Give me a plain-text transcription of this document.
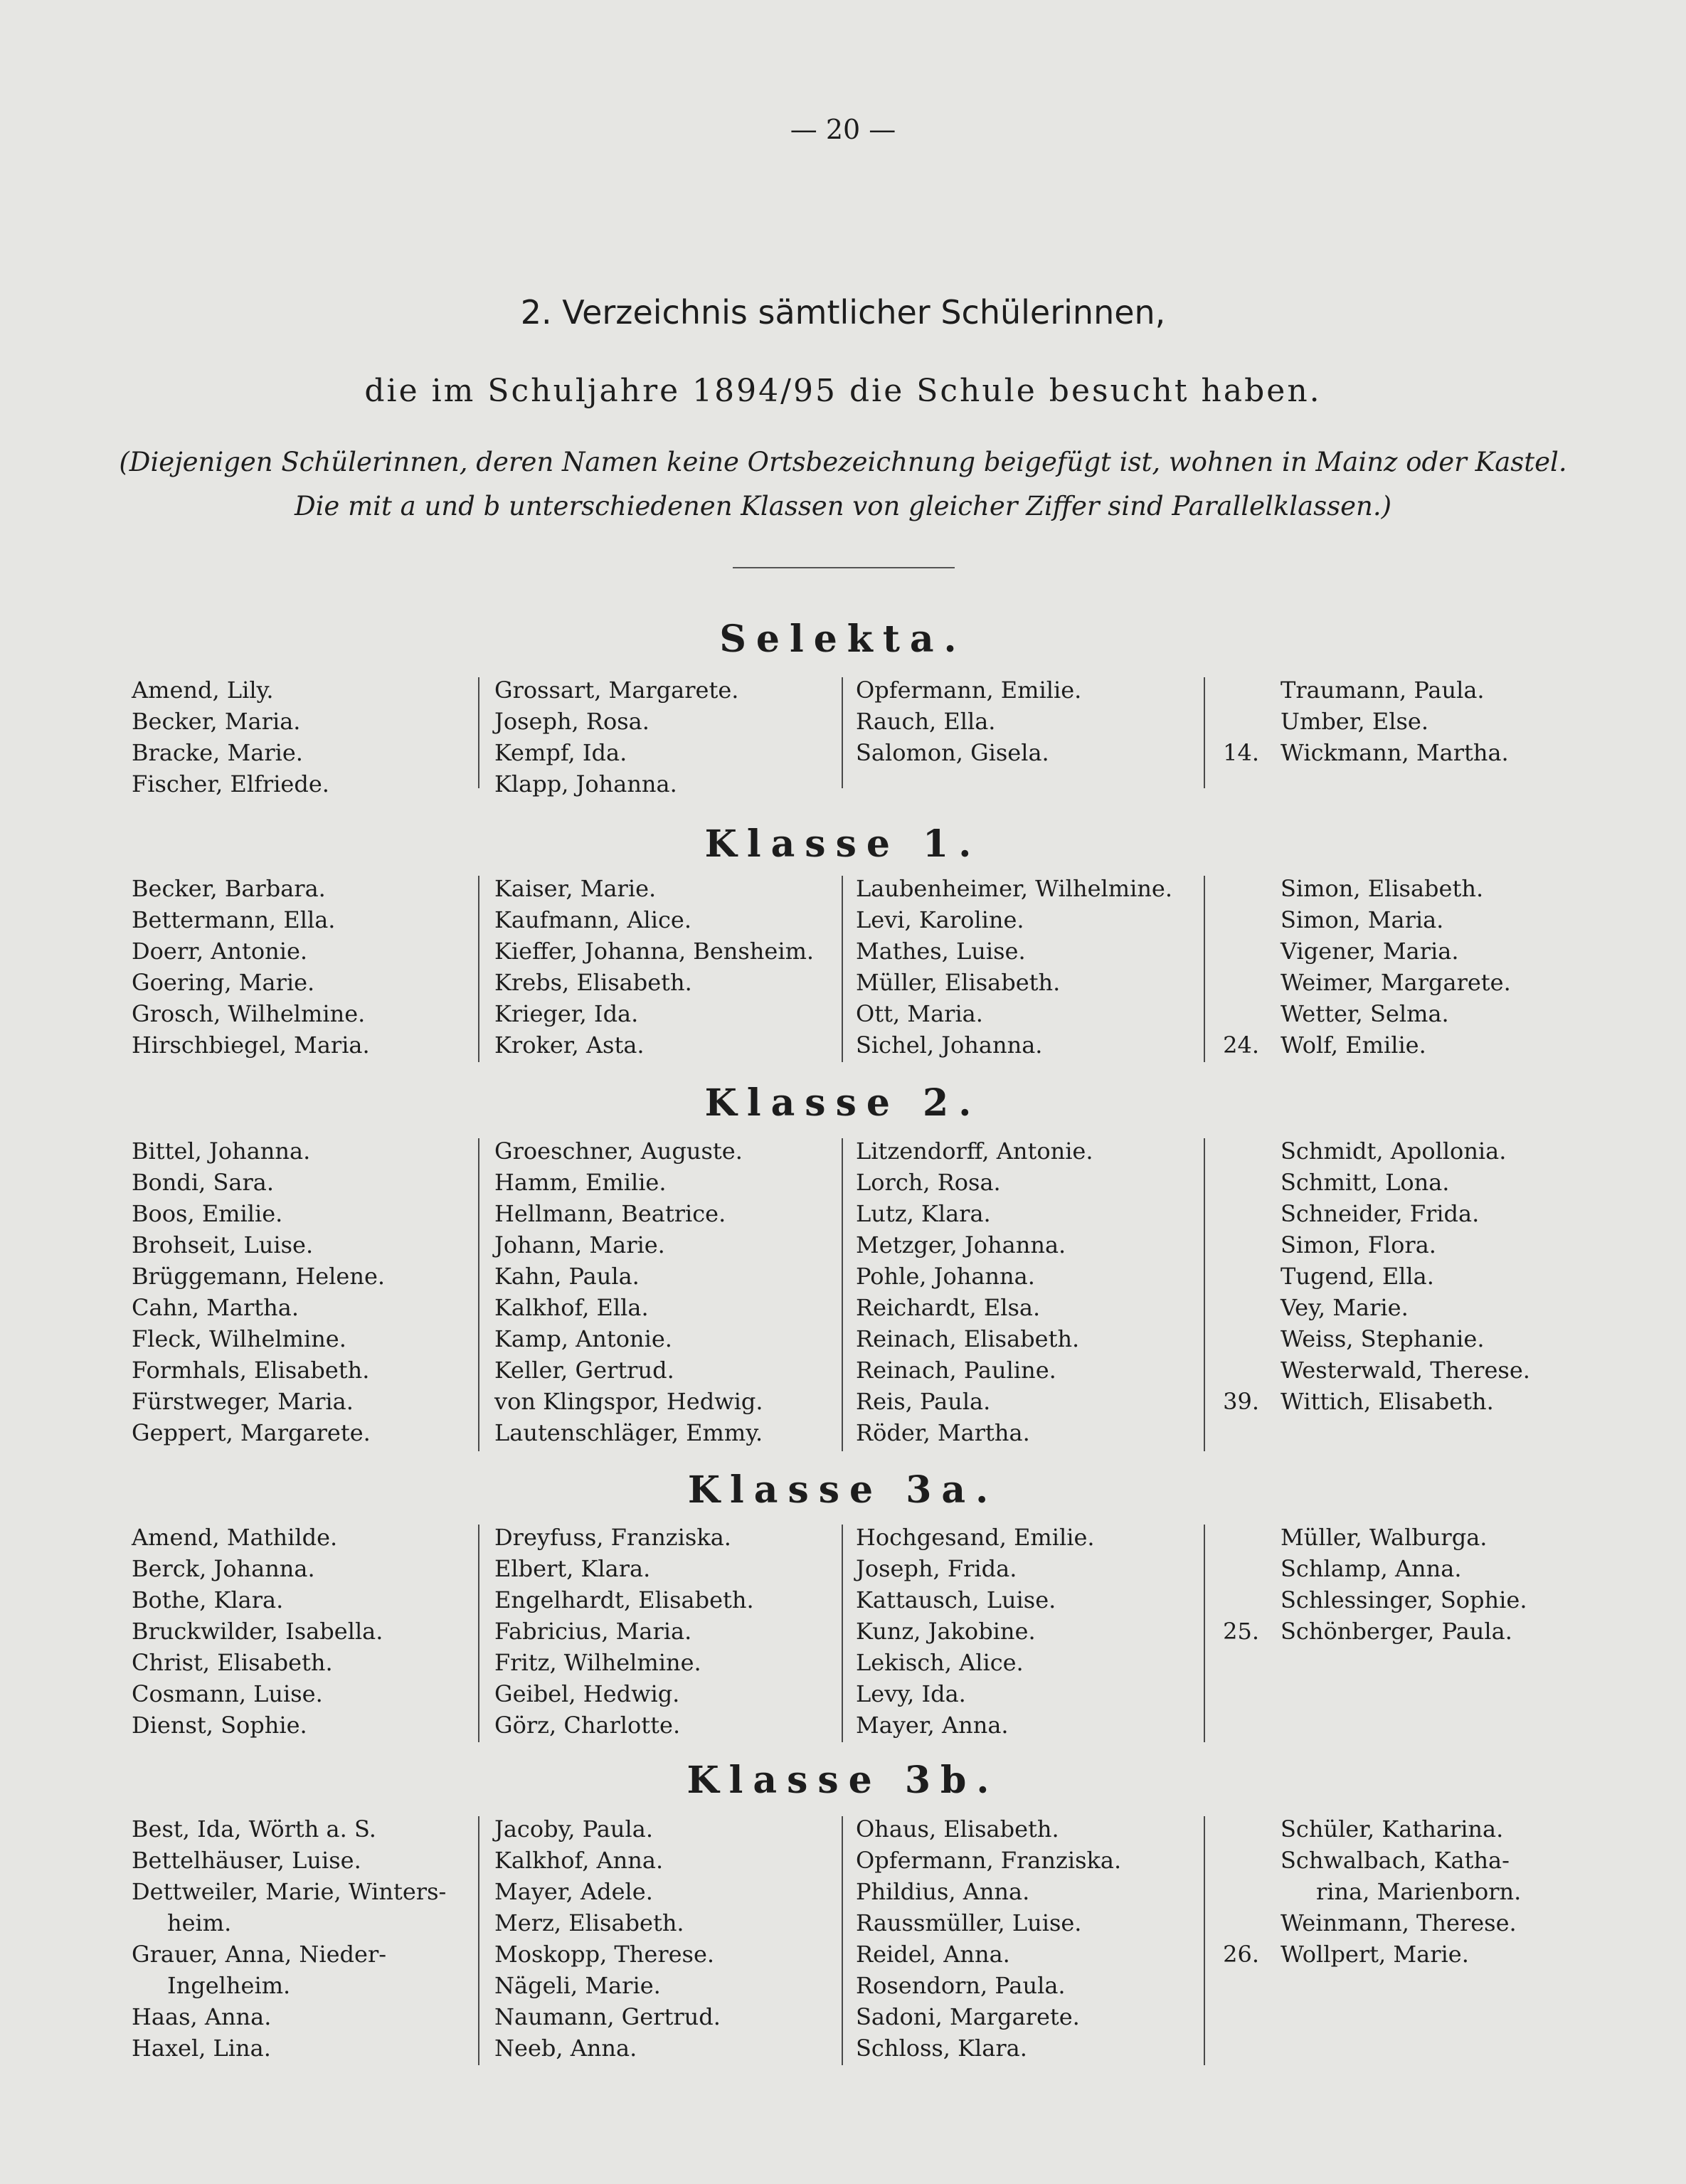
— 20 —
2. Verzeichnis sämtlicher Schülerinnen,
die im Schuljahre 1894/95 die Schule besucht haben.
(Diejenigen Schülerinnen, deren Namen keine Ortsbezeichnung beigefügt ist, wohnen in Mainz oder Kastel.
Die mit a und b unterschiedenen Klassen von gleicher Ziffer sind Parallelklassen.)
Selekta.
Amend, Lily.
Becker, Maria.
Bracke, Marie.
Fischer, Elfriede.
Grossart, Margarete.
Joseph, Rosa.
Kempf, Ida.
Klapp, Johanna.
Opfermann, Emilie.
Rauch, Ella.
Salomon, Gisela.
Traumann, Paula.
Umber, Else.
Wickmann, Martha.
14.
Klasse 1.
Becker, Barbara.
Bettermann, Ella.
Doerr, Antonie.
Goering, Marie.
Grosch, Wilhelmine.
Hirschbiegel, Maria.
Kaiser, Marie.
Kaufmann, Alice.
Kieffer, Johanna, Bensheim.
Krebs, Elisabeth.
Krieger, Ida.
Kroker, Asta.
Laubenheimer, Wilhelmine.
Levi, Karoline.
Mathes, Luise.
Müller, Elisabeth.
Ott, Maria.
Sichel, Johanna.
Simon, Elisabeth.
Simon, Maria.
Vigener, Maria.
Weimer, Margarete.
Wetter, Selma.
Wolf, Emilie.
24.
Klasse 2.
Bittel, Johanna.
Bondi, Sara.
Boos, Emilie.
Brohseit, Luise.
Brüggemann, Helene.
Cahn, Martha.
Fleck, Wilhelmine.
Formhals, Elisabeth.
Fürstweger, Maria.
Geppert, Margarete.
Groeschner, Auguste.
Hamm, Emilie.
Hellmann, Beatrice.
Johann, Marie.
Kahn, Paula.
Kalkhof, Ella.
Kamp, Antonie.
Keller, Gertrud.
von Klingspor, Hedwig.
Lautenschläger, Emmy.
Litzendorff, Antonie.
Lorch, Rosa.
Lutz, Klara.
Metzger, Johanna.
Pohle, Johanna.
Reichardt, Elsa.
Reinach, Elisabeth.
Reinach, Pauline.
Reis, Paula.
Röder, Martha.
Schmidt, Apollonia.
Schmitt, Lona.
Schneider, Frida.
Simon, Flora.
Tugend, Ella.
Vey, Marie.
Weiss, Stephanie.
Westerwald, Therese.
Wittich, Elisabeth.
39.
Klasse 3a.
Amend, Mathilde.
Berck, Johanna.
Bothe, Klara.
Bruckwilder, Isabella.
Christ, Elisabeth.
Cosmann, Luise.
Dienst, Sophie.
Dreyfuss, Franziska.
Elbert, Klara.
Engelhardt, Elisabeth.
Fabricius, Maria.
Fritz, Wilhelmine.
Geibel, Hedwig.
Görz, Charlotte.
Hochgesand, Emilie.
Joseph, Frida.
Kattausch, Luise.
Kunz, Jakobine.
Lekisch, Alice.
Levy, Ida.
Mayer, Anna.
Müller, Walburga.
Schlamp, Anna.
Schlessinger, Sophie.
Schönberger, Paula.
25.
Klasse 3b.
Best, Ida, Wörth a. S.
Bettelhäuser, Luise.
Dettweiler, Marie, Winters-
heim.
Grauer, Anna, Nieder-
Ingelheim.
Haas, Anna.
Haxel, Lina.
Jacoby, Paula.
Kalkhof, Anna.
Mayer, Adele.
Merz, Elisabeth.
Moskopp, Therese.
Nägeli, Marie.
Naumann, Gertrud.
Neeb, Anna.
Ohaus, Elisabeth.
Opfermann, Franziska.
Phildius, Anna.
Raussmüller, Luise.
Reidel, Anna.
Rosendorn, Paula.
Sadoni, Margarete.
Schloss, Klara.
Schüler, Katharina.
Schwalbach, Katha-
rina, Marienborn.
Weinmann, Therese.
Wollpert, Marie.
26.
